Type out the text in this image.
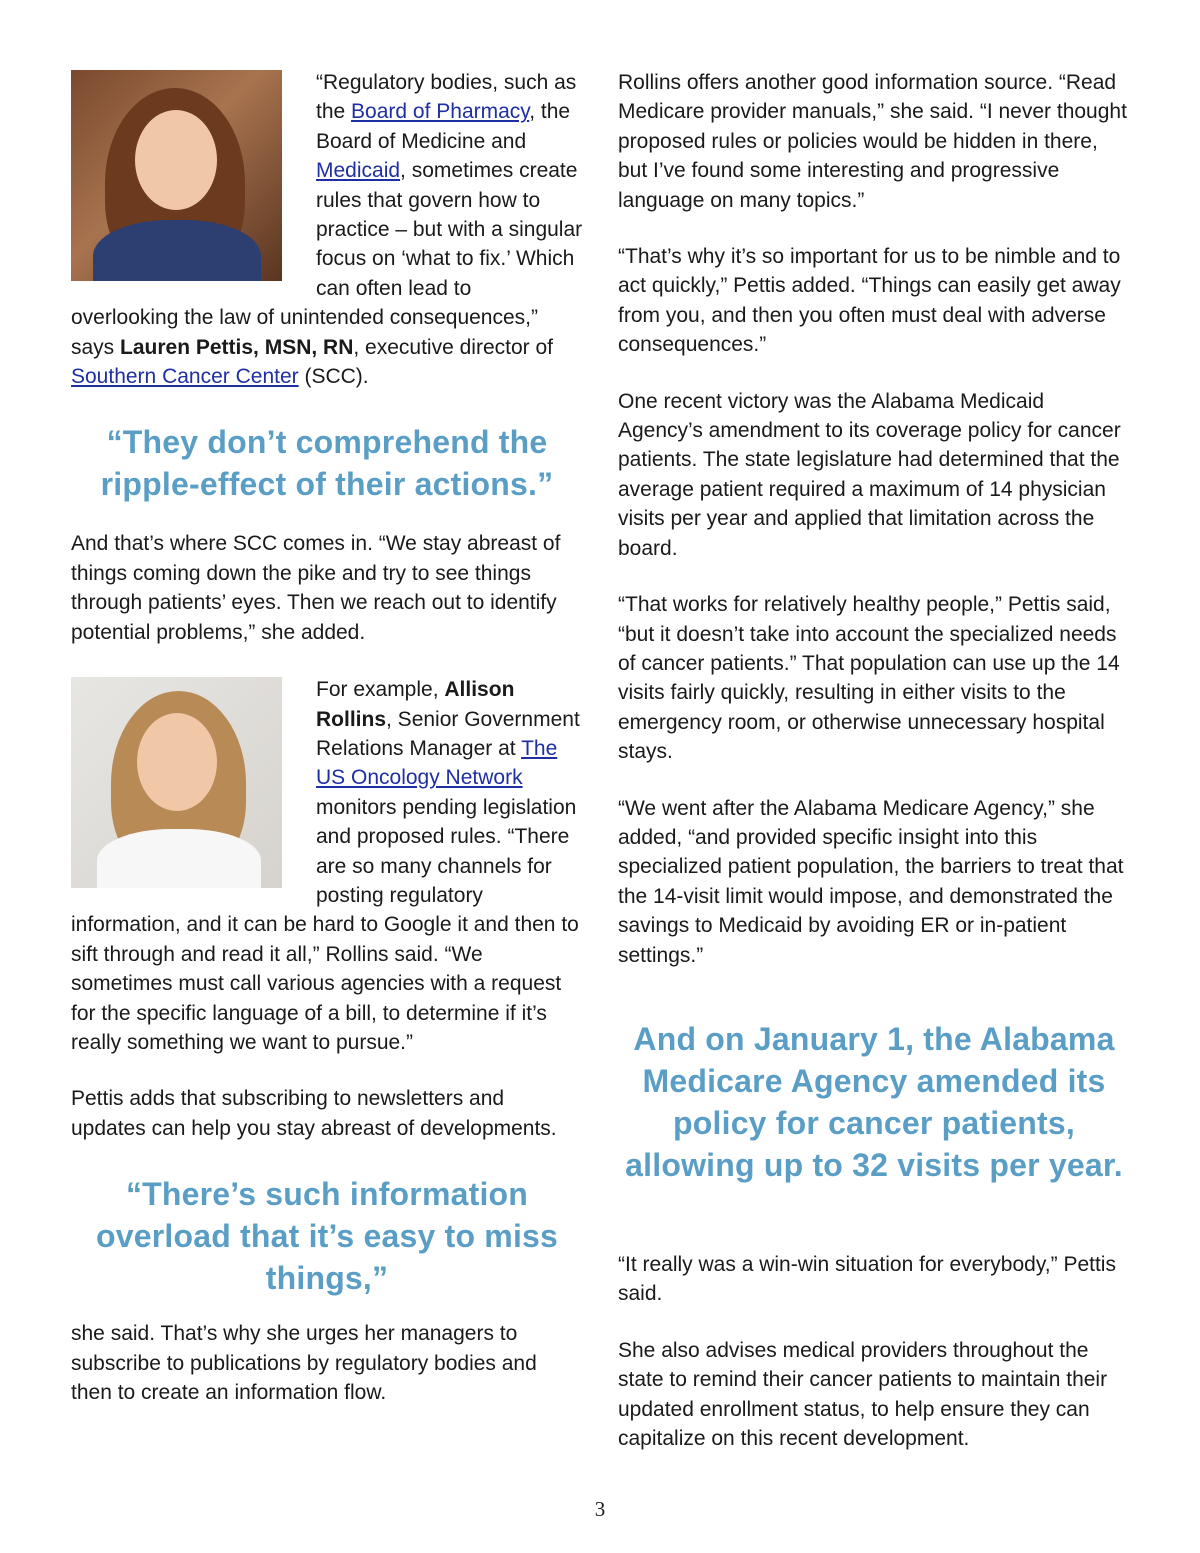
“Regulatory bodies, such as the Board of Pharmacy, the Board of Medicine and Medicaid, sometimes create rules that govern how to practice – but with a singular focus on ‘what to fix.’ Which can often lead to overlooking the law of unintended consequences,” says Lauren Pettis, MSN, RN, executive director of Southern Cancer Center (SCC).

“They don’t comprehend the ripple-effect of their actions.”

And that’s where SCC comes in. “We stay abreast of things coming down the pike and try to see things through patients’ eyes. Then we reach out to identify potential problems,” she added.

For example, Allison Rollins, Senior Government Relations Manager at The US Oncology Network monitors pending legislation and proposed rules. “There are so many channels for posting regulatory information, and it can be hard to Google it and then to sift through and read it all,” Rollins said. “We sometimes must call various agencies with a request for the specific language of a bill, to determine if it’s really something we want to pursue.”

Pettis adds that subscribing to newsletters and updates can help you stay abreast of developments.

“There’s such information overload that it’s easy to miss things,”

she said. That’s why she urges her managers to subscribe to publications by regulatory bodies and then to create an information flow.

Rollins offers another good information source. “Read Medicare provider manuals,” she said. “I never thought proposed rules or policies would be hidden in there, but I’ve found some interesting and progressive language on many topics.”

“That’s why it’s so important for us to be nimble and to act quickly,” Pettis added. “Things can easily get away from you, and then you often must deal with adverse consequences.”

One recent victory was the Alabama Medicaid Agency’s amendment to its coverage policy for cancer patients. The state legislature had determined that the average patient required a maximum of 14 physician visits per year and applied that limitation across the board.

“That works for relatively healthy people,” Pettis said, “but it doesn’t take into account the specialized needs of cancer patients.” That population can use up the 14 visits fairly quickly, resulting in either visits to the emergency room, or otherwise unnecessary hospital stays.

“We went after the Alabama Medicare Agency,” she added, “and provided specific insight into this specialized patient population, the barriers to treat that the 14-visit limit would impose, and demonstrated the savings to Medicaid by avoiding ER or in-patient settings.”

And on January 1, the Alabama Medicare Agency amended its policy for cancer patients, allowing up to 32 visits per year.

“It really was a win-win situation for everybody,” Pettis said.

She also advises medical providers throughout the state to remind their cancer patients to maintain their updated enrollment status, to help ensure they can capitalize on this recent development.

3
